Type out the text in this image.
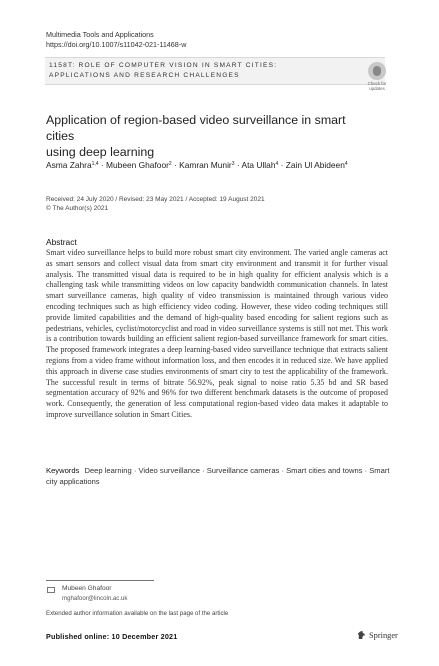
Multimedia Tools and Applications
https://doi.org/10.1007/s11042-021-11468-w
1158T: ROLE OF COMPUTER VISION IN SMART CITIES:
APPLICATIONS AND RESEARCH CHALLENGES
Check for
updates
Application of region-based video surveillance in smart cities
using deep learning
Asma Zahra$^{1,4}$ · Mubeen Ghafoor$^2$ · Kamran Munir$^3$ · Ata Ullah$^4$ · Zain Ul Abideen$^4$
Received: 24 July 2020 / Revised: 23 May 2021 / Accepted: 19 August 2021
© The Author(s) 2021
Abstract
Smart video surveillance helps to build more robust smart city environment. The varied angle cameras act as smart sensors and collect visual data from smart city environment and transmit it for further visual analysis. The transmitted visual data is required to be in high quality for efficient analysis which is a challenging task while transmitting videos on low capacity bandwidth communication channels. In latest smart surveillance cameras, high quality of video transmission is maintained through various video encoding techniques such as high efficiency video coding. However, these video coding techniques still provide limited capabilities and the demand of high-quality based encoding for salient regions such as pedestrians, vehicles, cyclist/motorcyclist and road in video surveillance systems is still not met. This work is a contribution towards building an efficient salient region-based surveillance framework for smart cities. The proposed framework integrates a deep learning-based video surveillance technique that extracts salient regions from a video frame without information loss, and then encodes it in reduced size. We have applied this approach in diverse case studies environments of smart city to test the applicability of the framework. The successful result in terms of bitrate 56.92%, peak signal to noise ratio 5.35 bd and SR based segmentation accuracy of 92% and 96% for two different benchmark datasets is the outcome of proposed work. Consequently, the generation of less computational region-based video data makes it adaptable to improve surveillance solution in Smart Cities.
Keywords Deep learning · Video surveillance · Surveillance cameras · Smart cities and towns · Smart city applications
Mubeen Ghafoor
mghafoor@lincoln.ac.uk
Extended author information available on the last page of the article
Published online: 10 December 2021	Springer
